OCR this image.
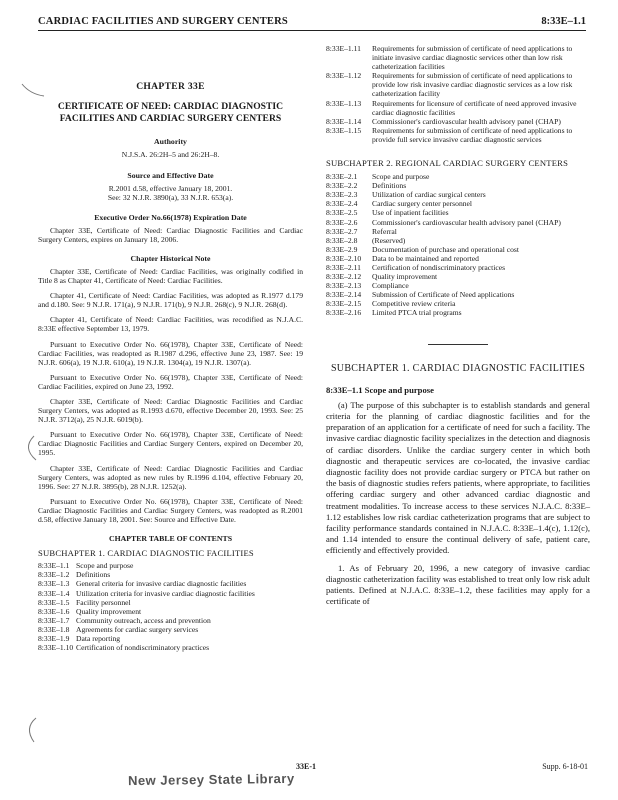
CARDIAC FACILITIES AND SURGERY CENTERS	8:33E–1.1
CHAPTER 33E
CERTIFICATE OF NEED: CARDIAC DIAGNOSTIC FACILITIES AND CARDIAC SURGERY CENTERS
Authority
N.J.S.A. 26:2H–5 and 26:2H–8.
Source and Effective Date
R.2001 d.58, effective January 18, 2001.
See: 32 N.J.R. 3890(a), 33 N.J.R. 653(a).
Executive Order No.66(1978) Expiration Date

Chapter 33E, Certificate of Need: Cardiac Diagnostic Facilities and Cardiac Surgery Centers, expires on January 18, 2006.

Chapter Historical Note

Chapter 33E, Certificate of Need: Cardiac Facilities, was originally codified in Title 8 as Chapter 41, Certificate of Need: Cardiac Facilities.

Chapter 41, Certificate of Need: Cardiac Facilities, was adopted as R.1977 d.179 and d.180. See: 9 N.J.R. 171(a), 9 N.J.R. 171(b), 9 N.J.R. 268(c), 9 N.J.R. 268(d).

Chapter 41, Certificate of Need: Cardiac Facilities, was recodified as N.J.A.C. 8:33E effective September 13, 1979.

Pursuant to Executive Order No. 66(1978), Chapter 33E, Certificate of Need: Cardiac Facilities, was readopted as R.1987 d.296, effective June 23, 1987. See: 19 N.J.R. 606(a), 19 N.J.R. 610(a), 19 N.J.R. 1304(a), 19 N.J.R. 1307(a).

Pursuant to Executive Order No. 66(1978), Chapter 33E, Certificate of Need: Cardiac Facilities, expired on June 23, 1992.

Chapter 33E, Certificate of Need: Cardiac Diagnostic Facilities and Cardiac Surgery Centers, was adopted as R.1993 d.670, effective December 20, 1993. See: 25 N.J.R. 3712(a), 25 N.J.R. 6019(b).

Pursuant to Executive Order No. 66(1978), Chapter 33E, Certificate of Need: Cardiac Diagnostic Facilities and Cardiac Surgery Centers, expired on December 20, 1995.

Chapter 33E, Certificate of Need: Cardiac Diagnostic Facilities and Cardiac Surgery Centers, was adopted as new rules by R.1996 d.104, effective February 20, 1996. See: 27 N.J.R. 3895(b), 28 N.J.R. 1252(a).

Pursuant to Executive Order No. 66(1978), Chapter 33E, Certificate of Need: Cardiac Diagnostic Facilities and Cardiac Surgery Centers, was readopted as R.2001 d.58, effective January 18, 2001. See: Source and Effective Date.

CHAPTER TABLE OF CONTENTS
SUBCHAPTER 1. CARDIAC DIAGNOSTIC FACILITIES
8:33E–1.1 Scope and purpose
8:33E–1.2 Definitions
8:33E–1.3 General criteria for invasive cardiac diagnostic facilities
8:33E–1.4 Utilization criteria for invasive cardiac diagnostic facilities
8:33E–1.5 Facility personnel
8:33E–1.6 Quality improvement
8:33E–1.7 Community outreach, access and prevention
8:33E–1.8 Agreements for cardiac surgery services
8:33E–1.9 Data reporting
8:33E–1.10 Certification of nondiscriminatory practices
8:33E–1.11	Requirements for submission of certificate of need applications to initiate invasive cardiac diagnostic services other than low risk catheterization facilities
8:33E–1.12	Requirements for submission of certificate of need applications to provide low risk invasive cardiac diagnostic services as a low risk catheterization facility
8:33E–1.13	Requirements for licensure of certificate of need approved invasive cardiac diagnostic facilities
8:33E–1.14	Commissioner's cardiovascular health advisory panel (CHAP)
8:33E–1.15	Requirements for submission of certificate of need applications to provide full service invasive cardiac diagnostic services
SUBCHAPTER 2. REGIONAL CARDIAC SURGERY CENTERS
8:33E–2.1	Scope and purpose
8:33E–2.2	Definitions
8:33E–2.3	Utilization of cardiac surgical centers
8:33E–2.4	Cardiac surgery center personnel
8:33E–2.5	Use of inpatient facilities
8:33E–2.6	Commissioner's cardiovascular health advisory panel (CHAP)
8:33E–2.7	Referral
8:33E–2.8	(Reserved)
8:33E–2.9	Documentation of purchase and operational cost
8:33E–2.10	Data to be maintained and reported
8:33E–2.11	Certification of nondiscriminatory practices
8:33E–2.12	Quality improvement
8:33E–2.13	Compliance
8:33E–2.14	Submission of Certificate of Need applications
8:33E–2.15	Competitive review criteria
8:33E–2.16	Limited PTCA trial programs
SUBCHAPTER 1. CARDIAC DIAGNOSTIC FACILITIES
8:33E–1.1 Scope and purpose

(a) The purpose of this subchapter is to establish standards and general criteria for the planning of cardiac diagnostic facilities and for the preparation of an application for a certificate of need for such a facility. The invasive cardiac diagnostic facility specializes in the detection and diagnosis of cardiac disorders. Unlike the cardiac surgery center in which both diagnostic and therapeutic services are co-located, the invasive cardiac diagnostic facility does not provide cardiac surgery or PTCA but rather on the basis of diagnostic studies refers patients, where appropriate, to facilities offering cardiac surgery and other advanced cardiac diagnostic and treatment modalities. To increase access to these services N.J.A.C. 8:33E–1.12 establishes low risk cardiac catheterization programs that are subject to facility performance standards contained in N.J.A.C. 8:33E–1.4(c), 1.12(c), and 1.14 intended to ensure the continual delivery of safe, patient care, efficiently and effectively provided.

1. As of February 20, 1996, a new category of invasive cardiac diagnostic catheterization facility was established to treat only low risk adult patients. Defined at N.J.A.C. 8:33E–1.2, these facilities may apply for a certificate of

33E-1	Supp. 6-18-01
New Jersey State Library
